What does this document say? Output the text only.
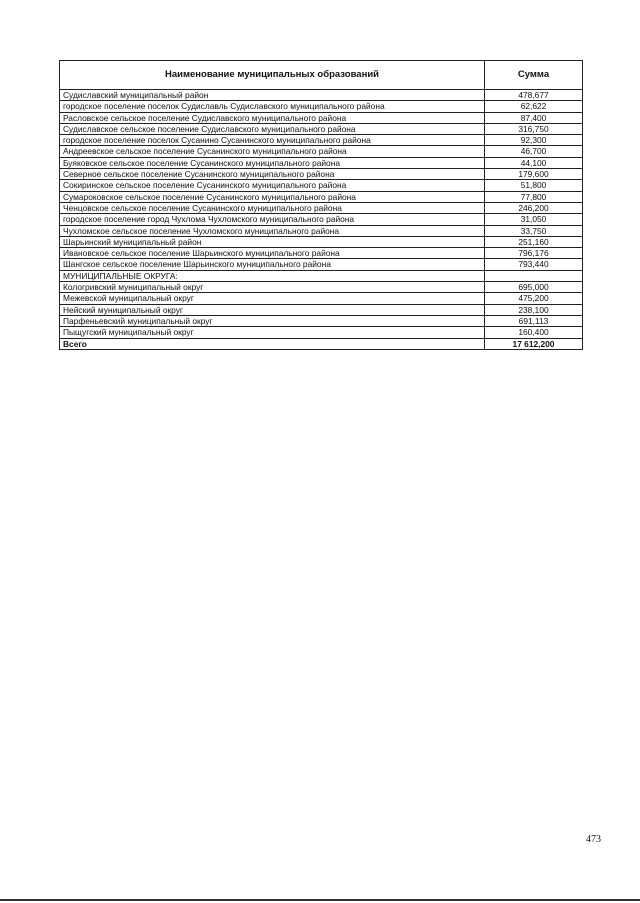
Наименование муниципальных образований	Сумма
Судиславский муниципальный район	478,677
городское поселение поселок Судиславль Судиславского муниципального района	62,622
Расловское сельское поселение Судиславского муниципального района	87,400
Судиславское сельское поселение Судиславского муниципального района	316,750
городское поселение поселок Сусанино Сусанинского муниципального района	92,300
Андреевское сельское поселение Сусанинского муниципального района	46,700
Буяковское сельское поселение Сусанинского муниципального района	44,100
Северное сельское поселение Сусанинского муниципального района	179,600
Сокиринское сельское поселение Сусанинского муниципального района	51,800
Сумароковское сельское поселение Сусанинского муниципального района	77,800
Ченцовское сельское поселение Сусанинского муниципального района	246,200
городское поселение город Чухлома Чухломского муниципального района	31,050
Чухломское сельское поселение Чухломского муниципального района	33,750
Шарьинский муниципальный район	251,160
Ивановское сельское поселение Шарьинского муниципального района	796,176
Шангское сельское поселение Шарьинского муниципального района	793,440
МУНИЦИПАЛЬНЫЕ ОКРУГА:	
Кологривский муниципальный округ	695,000
Межевской муниципальный округ	475,200
Нейский муниципальный округ	238,100
Парфеньевский муниципальный округ	691,113
Пыщугский муниципальный округ	160,400
Всего	17 612,200
473
